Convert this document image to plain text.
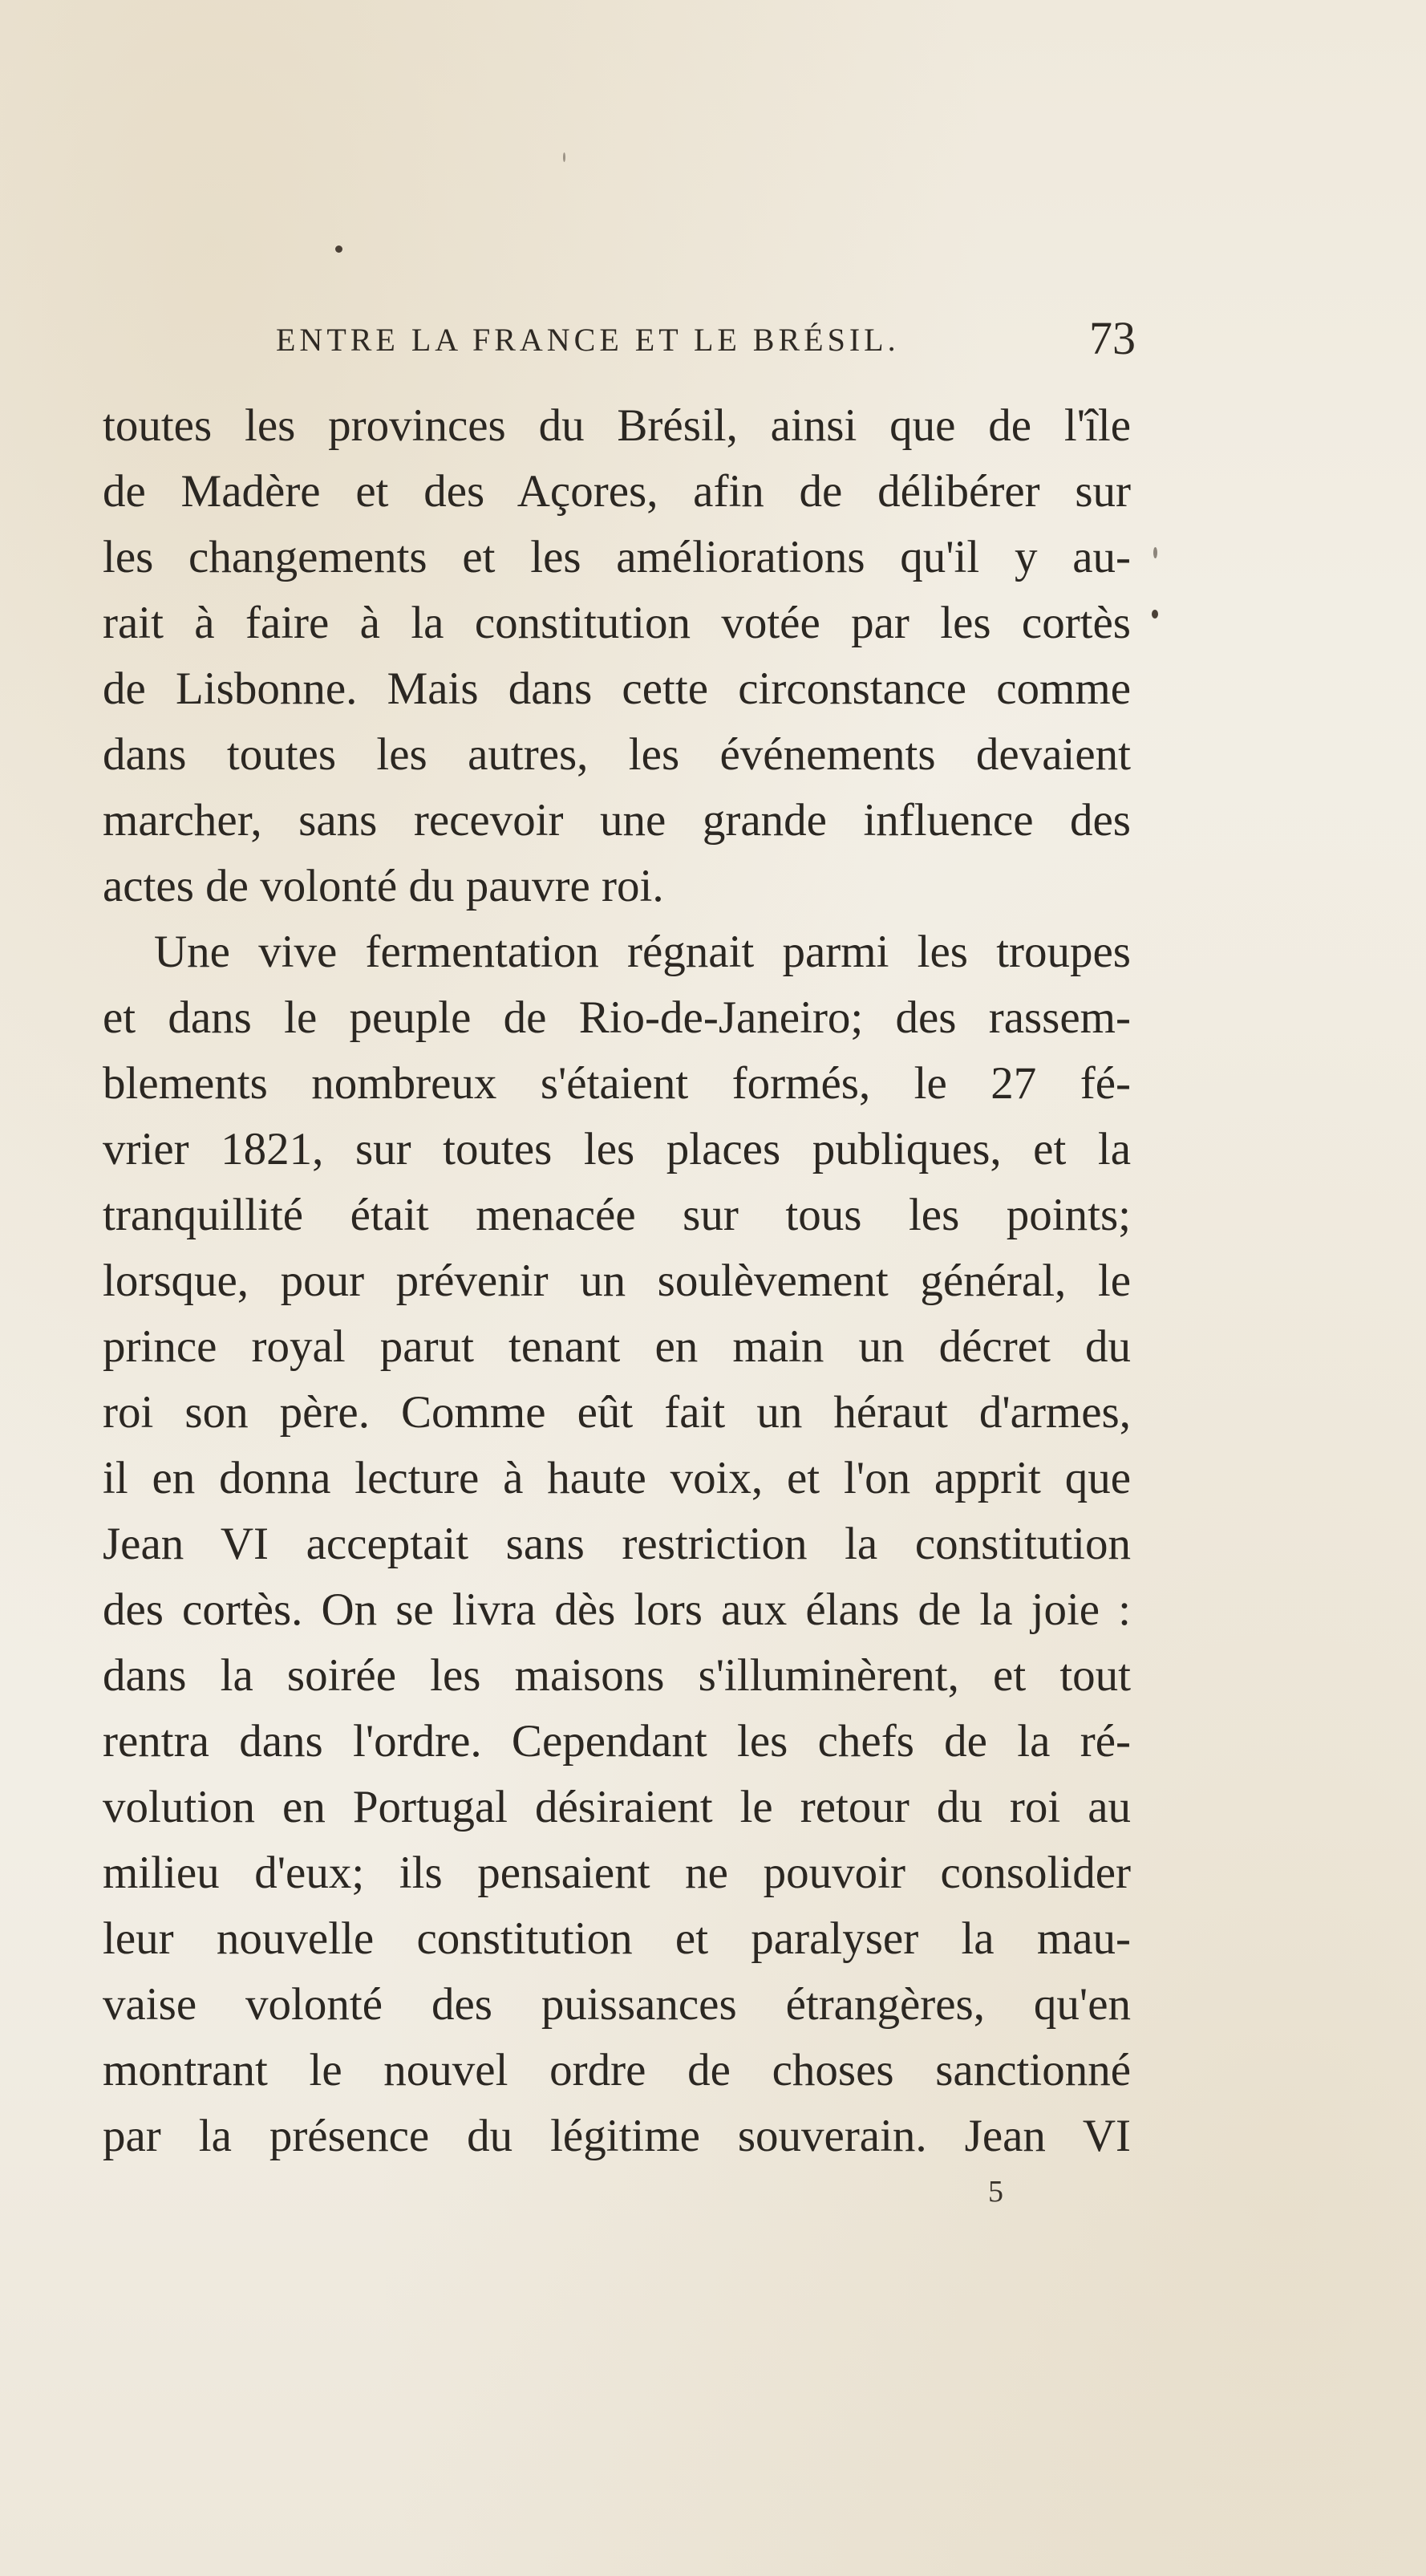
ENTRE LA FRANCE ET LE BRÉSIL.	73
toutes les provinces du Brésil, ainsi que de l'île
de Madère et des Açores, afin de délibérer sur
les changements et les améliorations qu'il y au-
rait à faire à la constitution votée par les cortès
de Lisbonne. Mais dans cette circonstance comme
dans toutes les autres, les événements devaient
marcher, sans recevoir une grande influence des
actes de volonté du pauvre roi.
Une vive fermentation régnait parmi les troupes
et dans le peuple de Rio-de-Janeiro; des rassem-
blements nombreux s'étaient formés, le 27 fé-
vrier 1821, sur toutes les places publiques, et la
tranquillité était menacée sur tous les points;
lorsque, pour prévenir un soulèvement général, le
prince royal parut tenant en main un décret du
roi son père. Comme eût fait un héraut d'armes,
il en donna lecture à haute voix, et l'on apprit que
Jean VI acceptait sans restriction la constitution
des cortès. On se livra dès lors aux élans de la joie :
dans la soirée les maisons s'illuminèrent, et tout
rentra dans l'ordre. Cependant les chefs de la ré-
volution en Portugal désiraient le retour du roi au
milieu d'eux; ils pensaient ne pouvoir consolider
leur nouvelle constitution et paralyser la mau-
vaise volonté des puissances étrangères, qu'en
montrant le nouvel ordre de choses sanctionné
par la présence du légitime souverain. Jean VI
5
